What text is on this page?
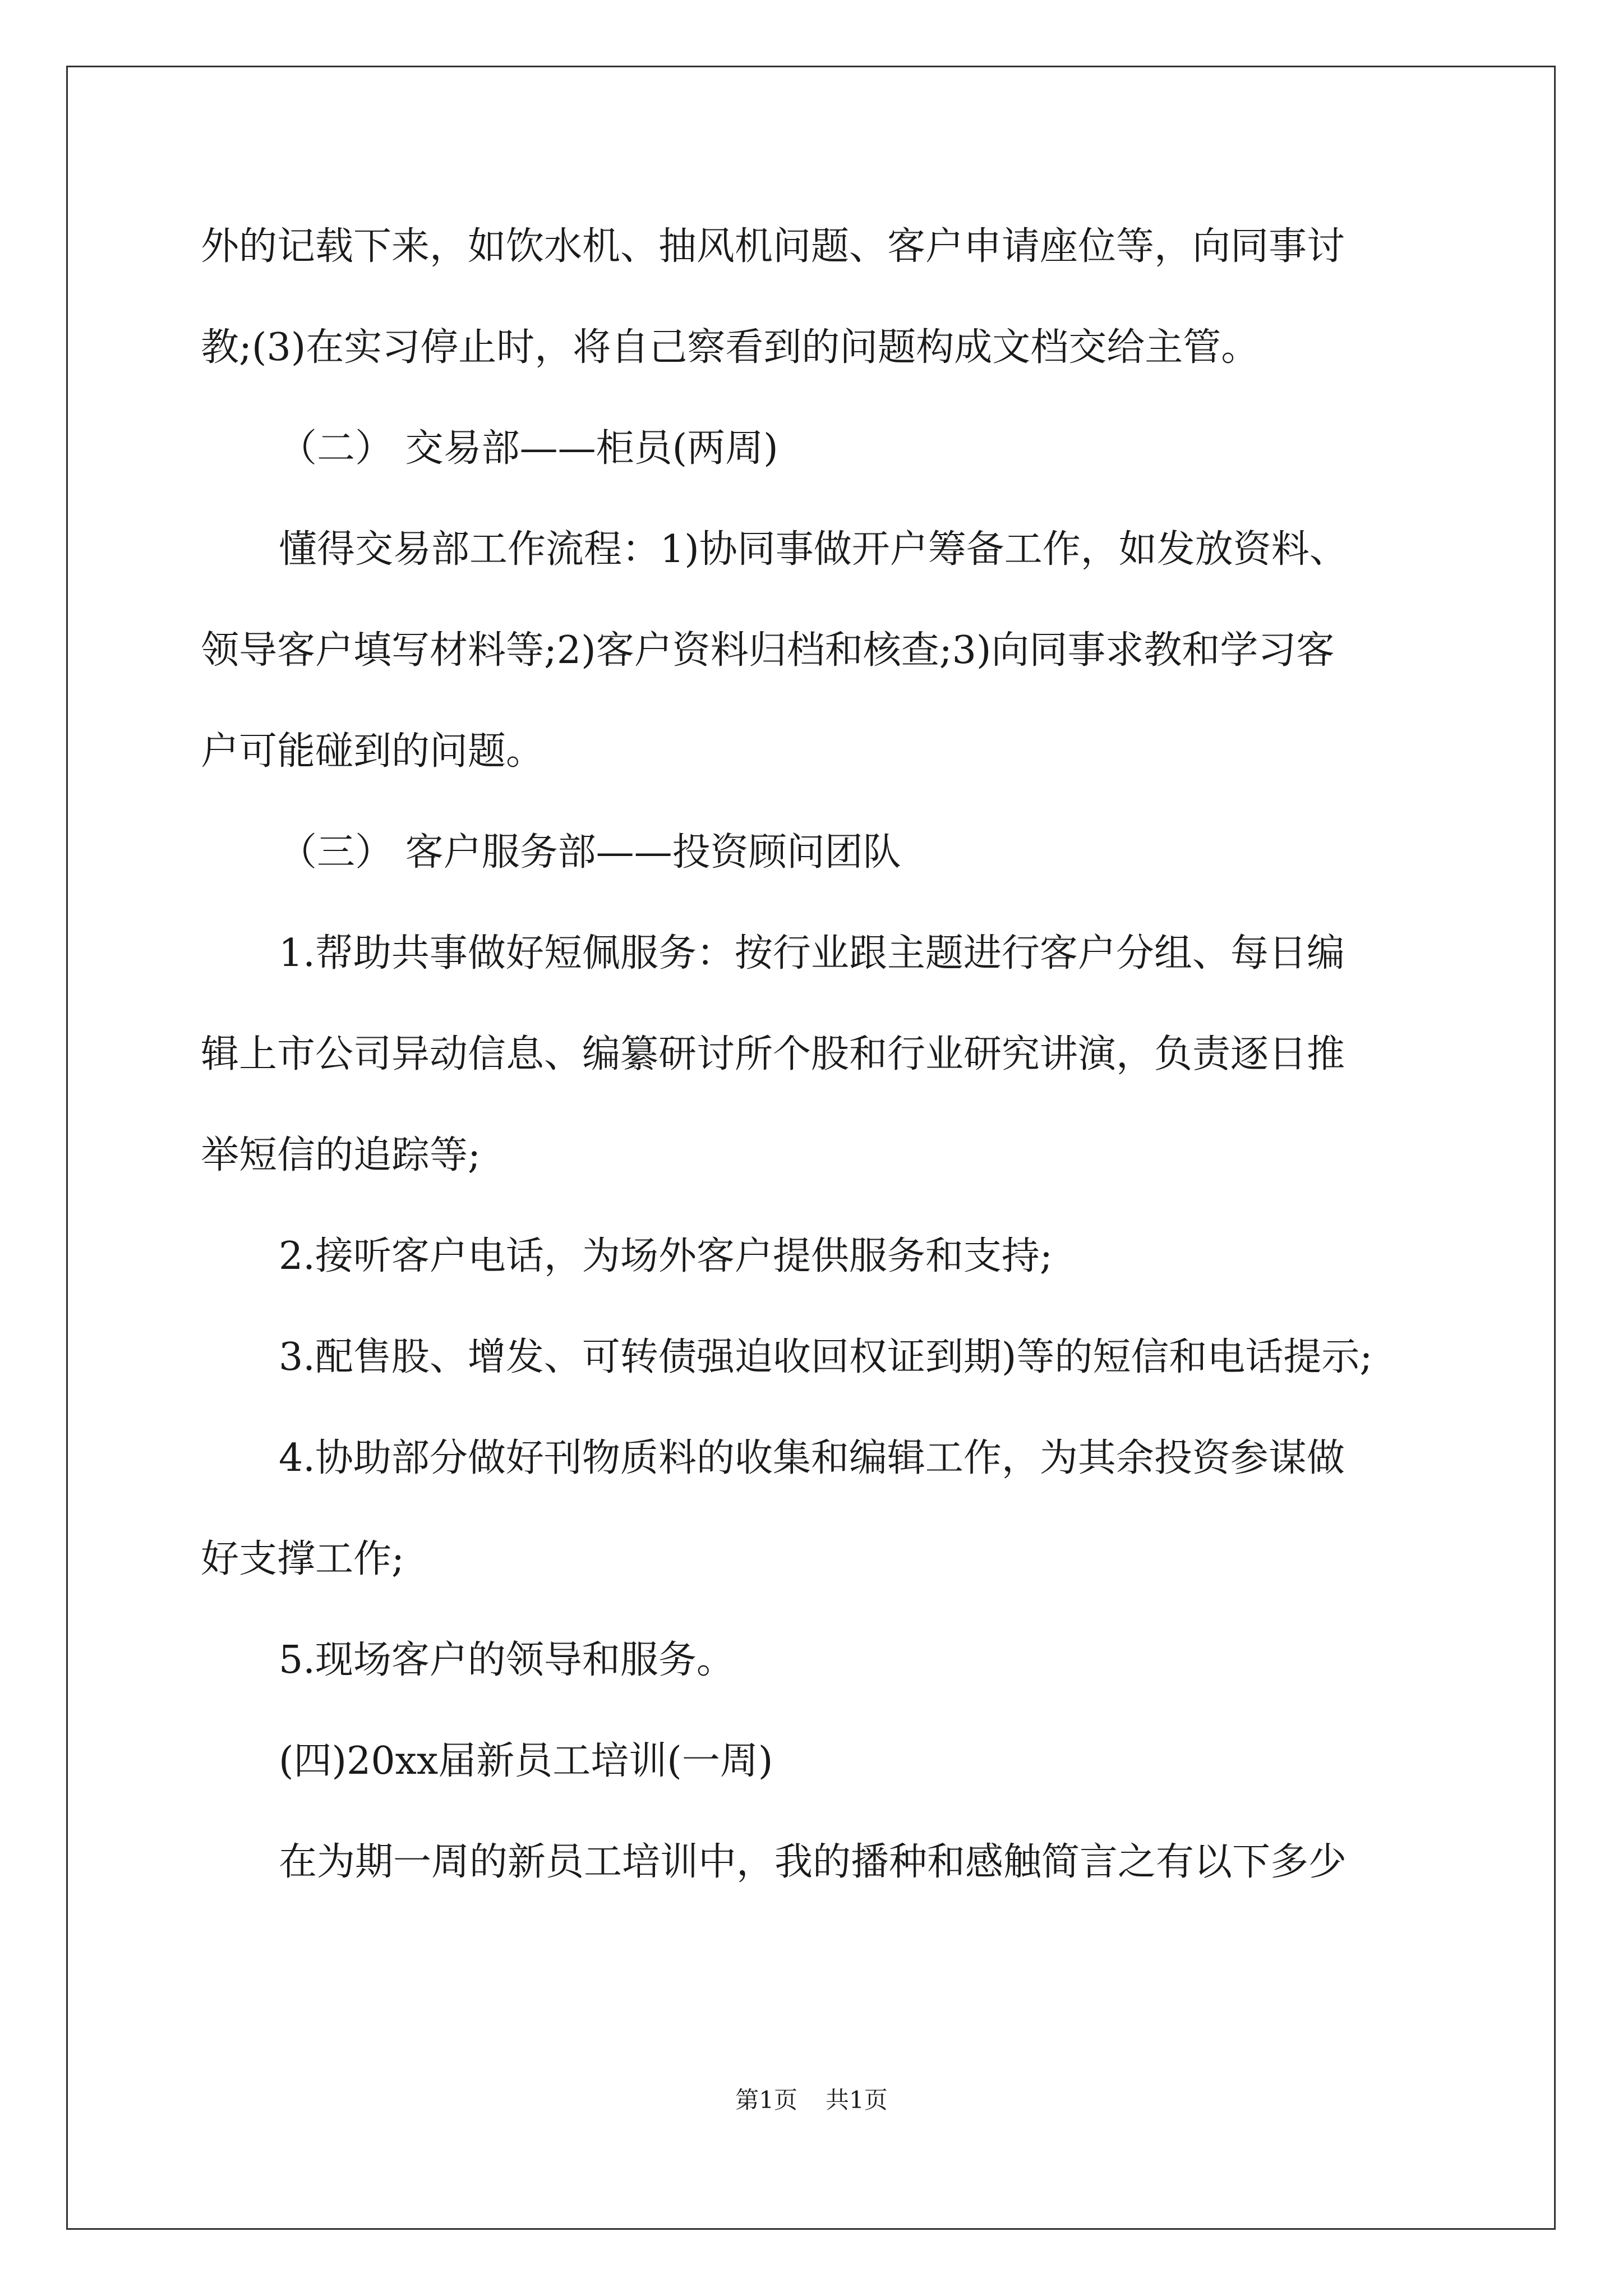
外的记载下来，如饮水机、抽风机问题、客户申请座位等，向同事讨
教;(3)在实习停止时，将自己察看到的问题构成文档交给主管。
（二） 交易部——柜员(两周)
懂得交易部工作流程：1)协同事做开户筹备工作，如发放资料、
领导客户填写材料等;2)客户资料归档和核查;3)向同事求教和学习客
户可能碰到的问题。
（三） 客户服务部——投资顾问团队
1.帮助共事做好短佩服务：按行业跟主题进行客户分组、每日编
辑上市公司异动信息、编纂研讨所个股和行业研究讲演，负责逐日推
举短信的追踪等;
2.接听客户电话，为场外客户提供服务和支持;
3.配售股、增发、可转债强迫收回权证到期)等的短信和电话提示;
4.协助部分做好刊物质料的收集和编辑工作，为其余投资参谋做
好支撑工作;
5.现场客户的领导和服务。
(四)20xx届新员工培训(一周)
在为期一周的新员工培训中，我的播种和感触简言之有以下多少
第1页 共1页
